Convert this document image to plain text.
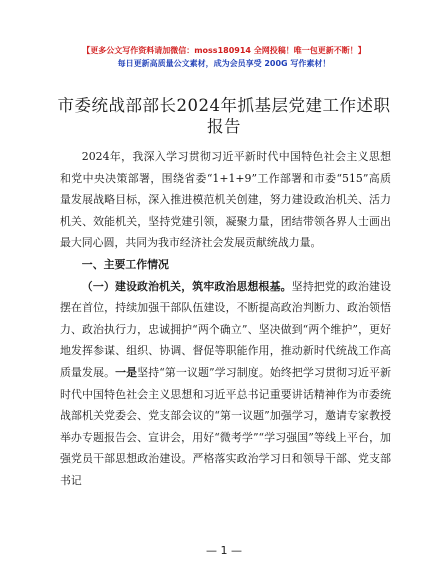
【更多公文写作资料请加微信：moss180914 全网投稿！唯一包更新不断！】
每日更新高质量公文素材，成为会员享受 200G 写作素材！
市委统战部部长2024年抓基层党建工作述职报告

2024年，我深入学习贯彻习近平新时代中国特色社会主义思想和党中央决策部署，围绕省委“1+1+9”工作部署和市委“515”高质量发展战略目标，深入推进模范机关创建，努力建设政治机关、活力机关、效能机关，坚持党建引领，凝聚力量，团结带领各界人士画出最大同心圆，共同为我市经济社会发展贡献统战力量。

一、主要工作情况

（一）建设政治机关，筑牢政治思想根基。坚持把党的政治建设摆在首位，持续加强干部队伍建设，不断提高政治判断力、政治领悟力、政治执行力，忠诚拥护“两个确立”、坚决做到“两个维护”，更好地发挥参谋、组织、协调、督促等职能作用，推动新时代统战工作高质量发展。一是坚持“第一议题”学习制度。始终把学习贯彻习近平新时代中国特色社会主义思想和习近平总书记重要讲话精神作为市委统战部机关党委会、党支部会议的“第一议题”加强学习，邀请专家教授举办专题报告会、宣讲会，用好“微考学”“学习强国”等线上平台，加强党员干部思想政治建设。严格落实政治学习日和领导干部、党支部书记

— 1 —
